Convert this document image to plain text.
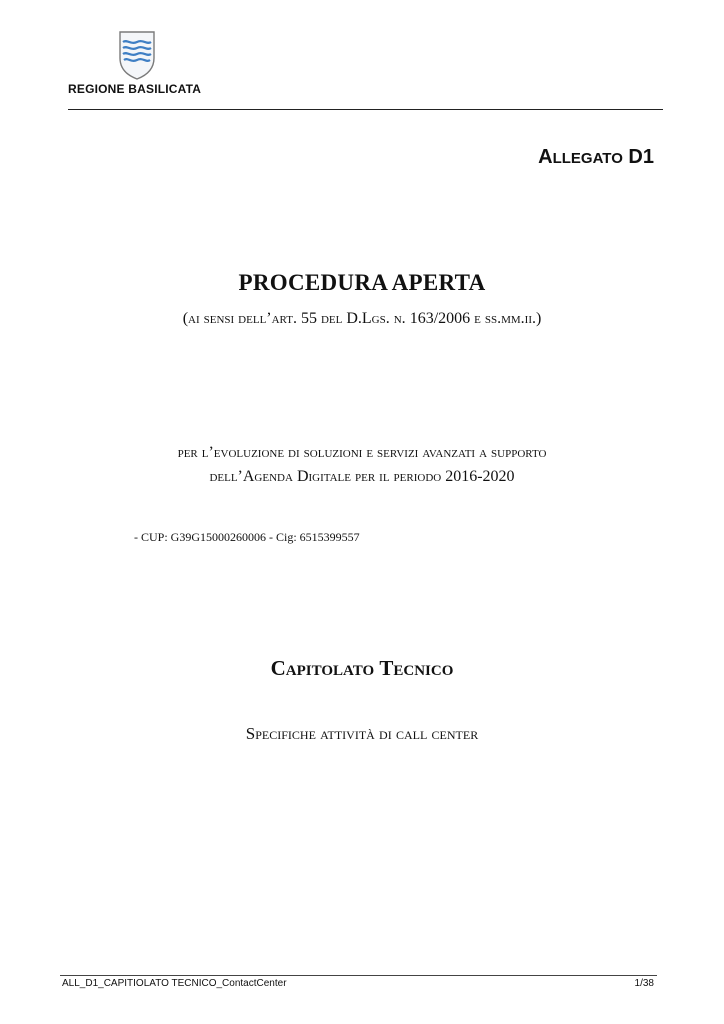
REGIONE BASILICATA
ALLEGATO D1
PROCEDURA APERTA
(ai sensi dell’art. 55 del D.Lgs. n. 163/2006 e ss.mm.ii.)
per l’evoluzione di soluzioni e servizi avanzati a supporto
dell’Agenda Digitale per il periodo 2016-2020
- CUP: G39G15000260006 - Cig: 6515399557
Capitolato Tecnico
Specifiche attività di call center
ALL_D1_CAPITIOLATO TECNICO_ContactCenter	1/38
